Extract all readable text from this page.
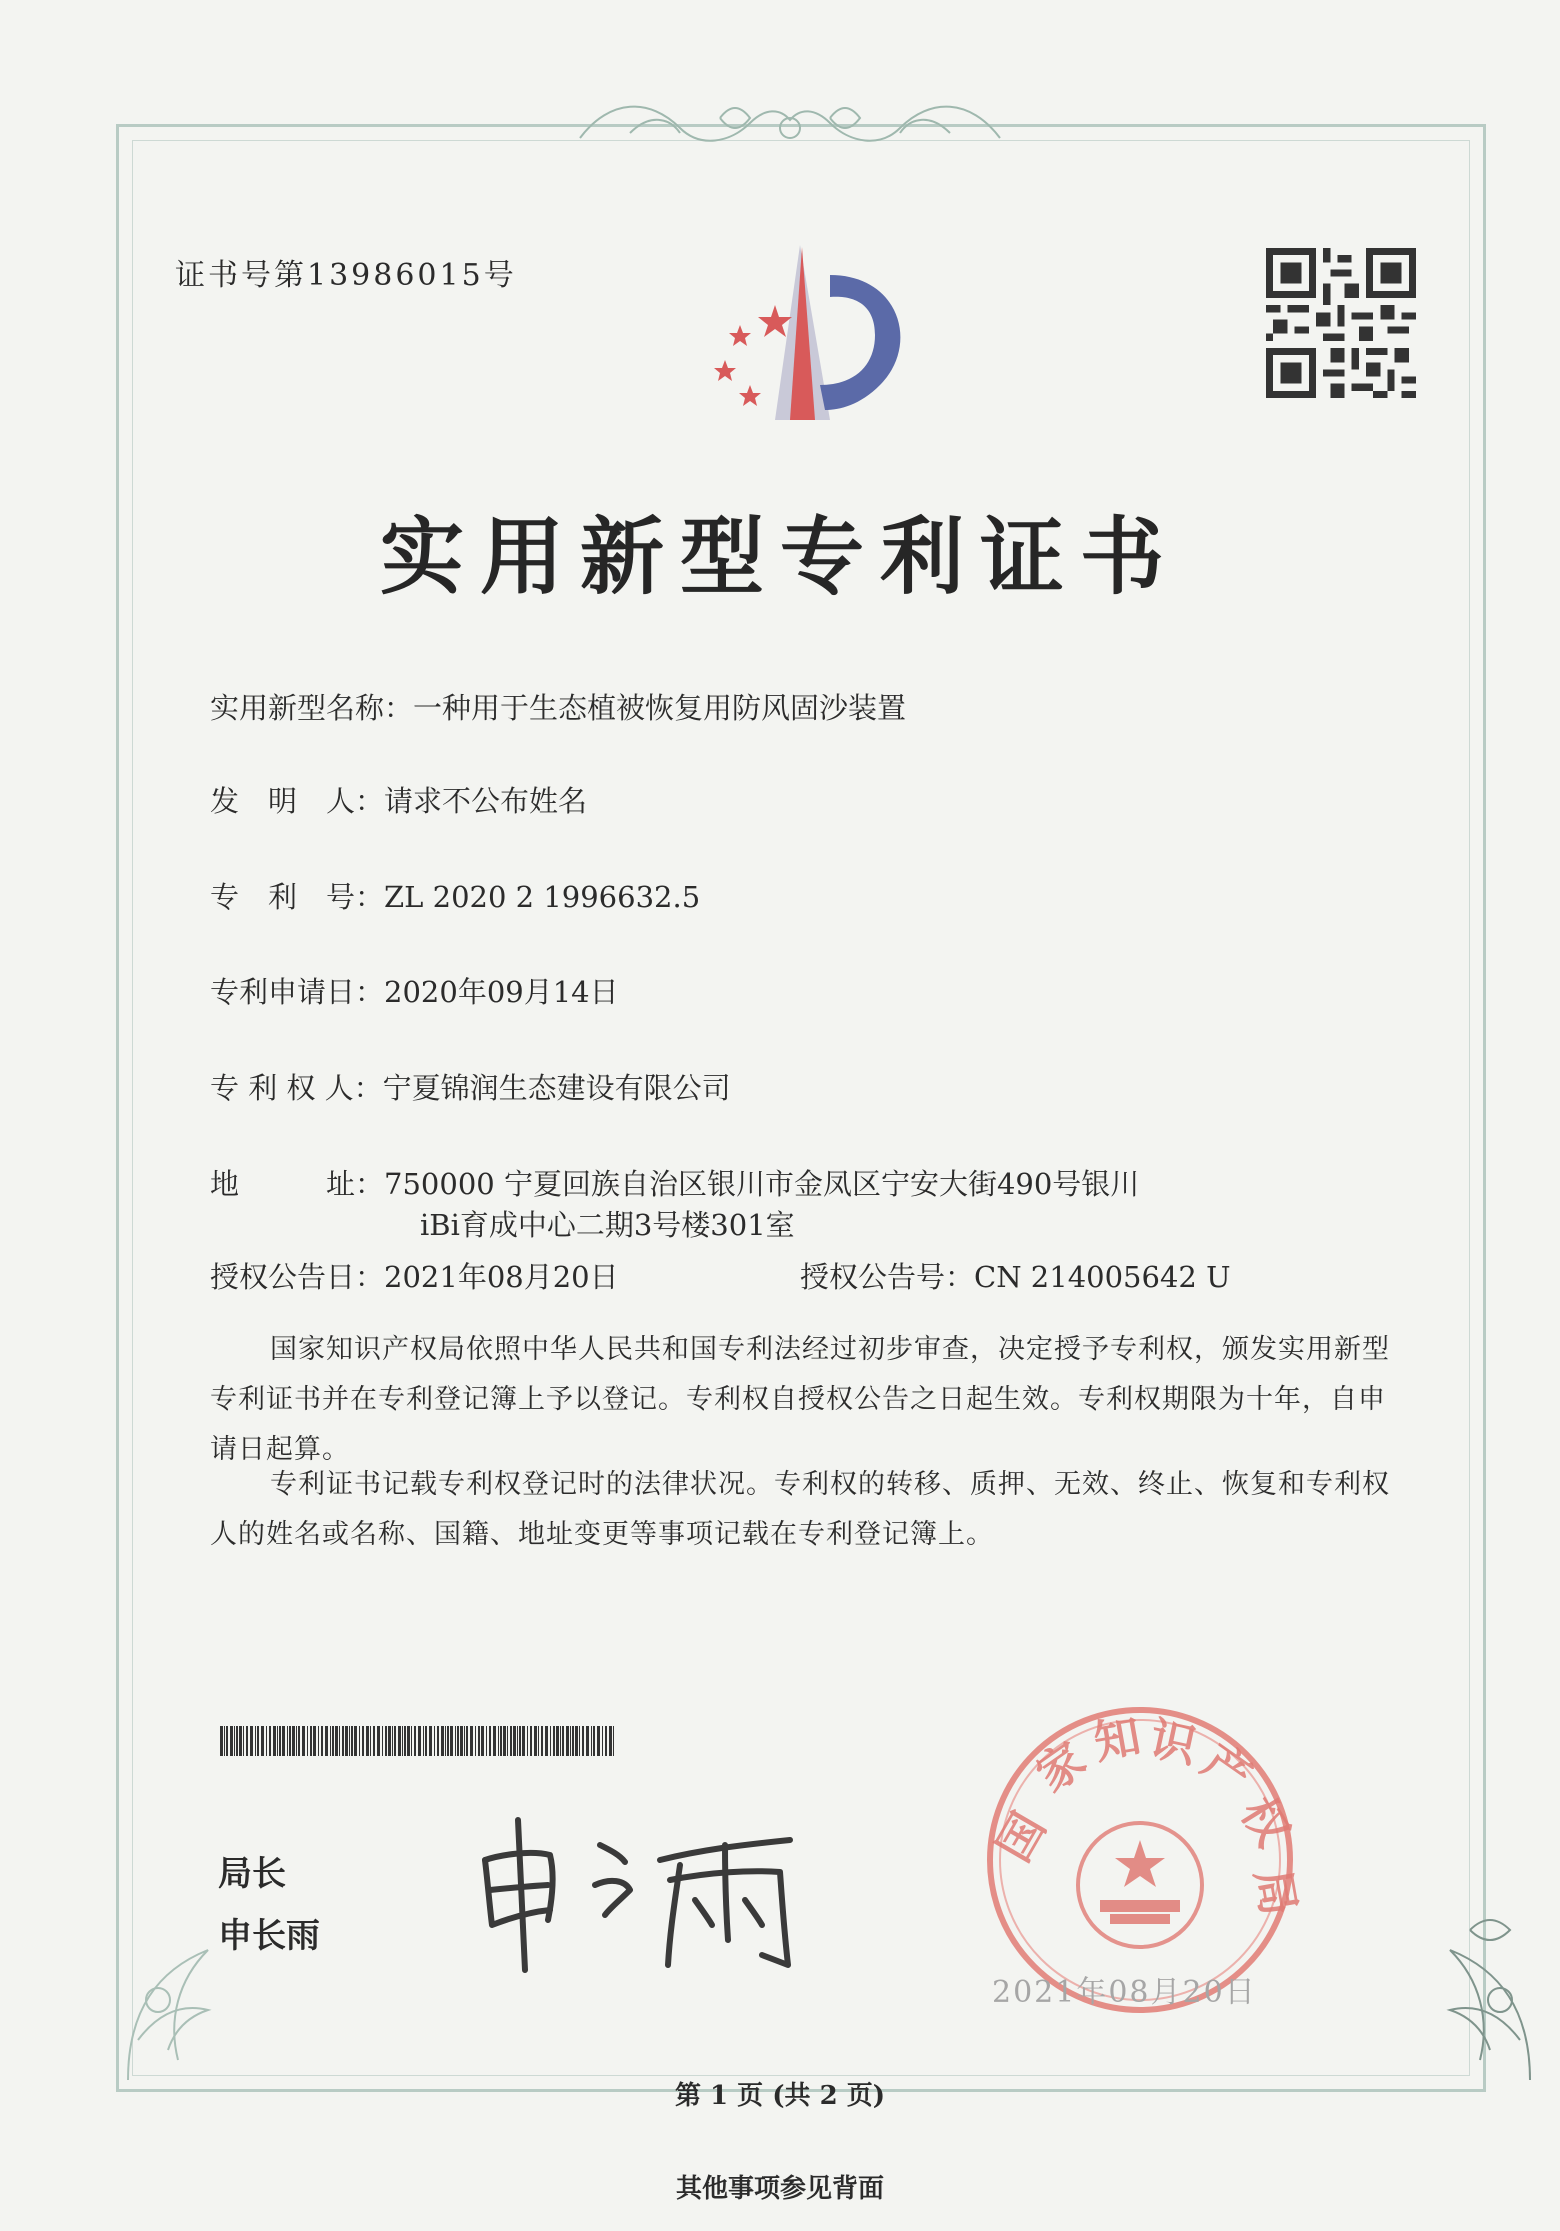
证书号第13986015号
实用新型专利证书
实用新型名称：一种用于生态植被恢复用防风固沙装置
发　明　人：请求不公布姓名
专　利　号：ZL 2020 2 1996632.5
专利申请日：2020年09月14日
专 利 权 人：宁夏锦润生态建设有限公司
地　　　址：750000 宁夏回族自治区银川市金凤区宁安大街490号银川
iBi育成中心二期3号楼301室
授权公告日：2021年08月20日	授权公告号：CN 214005642 U
国家知识产权局依照中华人民共和国专利法经过初步审查，决定授予专利权，颁发实用新型专利证书并在专利登记簿上予以登记。专利权自授权公告之日起生效。专利权期限为十年，自申请日起算。
专利证书记载专利权登记时的法律状况。专利权的转移、质押、无效、终止、恢复和专利权人的姓名或名称、国籍、地址变更等事项记载在专利登记簿上。
局长
申长雨
国
家
知 识
产
权
局
2021年08月20日
第 1 页 (共 2 页)
其他事项参见背面
